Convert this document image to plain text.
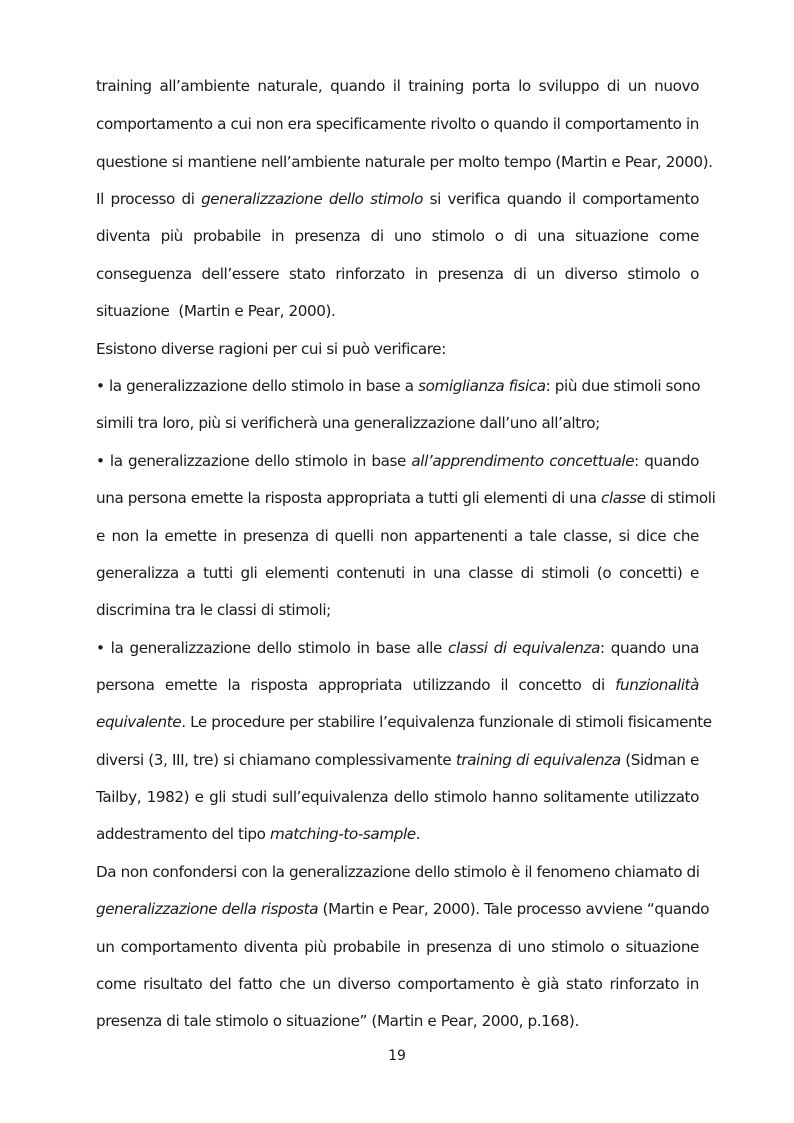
training all’ambiente naturale, quando il training porta lo sviluppo di un nuovo
comportamento a cui non era specificamente rivolto o quando il comportamento in
questione si mantiene nell’ambiente naturale per molto tempo (Martin e Pear, 2000).
Il processo di generalizzazione dello stimolo si verifica quando il comportamento
diventa più probabile in presenza di uno stimolo o di una situazione come
conseguenza dell’essere stato rinforzato in presenza di un diverso stimolo o
situazione  (Martin e Pear, 2000).
Esistono diverse ragioni per cui si può verificare:
• la generalizzazione dello stimolo in base a somiglianza fisica: più due stimoli sono
simili tra loro, più si verificherà una generalizzazione dall’uno all’altro;
• la generalizzazione dello stimolo in base all’apprendimento concettuale: quando
una persona emette la risposta appropriata a tutti gli elementi di una classe di stimoli
e non la emette in presenza di quelli non appartenenti a tale classe, si dice che
generalizza a tutti gli elementi contenuti in una classe di stimoli (o concetti) e
discrimina tra le classi di stimoli;
• la generalizzazione dello stimolo in base alle classi di equivalenza: quando una
persona emette la risposta appropriata utilizzando il concetto di funzionalità
equivalente. Le procedure per stabilire l’equivalenza funzionale di stimoli fisicamente
diversi (3, III, tre) si chiamano complessivamente training di equivalenza (Sidman e
Tailby, 1982) e gli studi sull’equivalenza dello stimolo hanno solitamente utilizzato
addestramento del tipo matching-to-sample.
Da non confondersi con la generalizzazione dello stimolo è il fenomeno chiamato di
generalizzazione della risposta (Martin e Pear, 2000). Tale processo avviene “quando
un comportamento diventa più probabile in presenza di uno stimolo o situazione
come risultato del fatto che un diverso comportamento è già stato rinforzato in
presenza di tale stimolo o situazione” (Martin e Pear, 2000, p.168).
19
